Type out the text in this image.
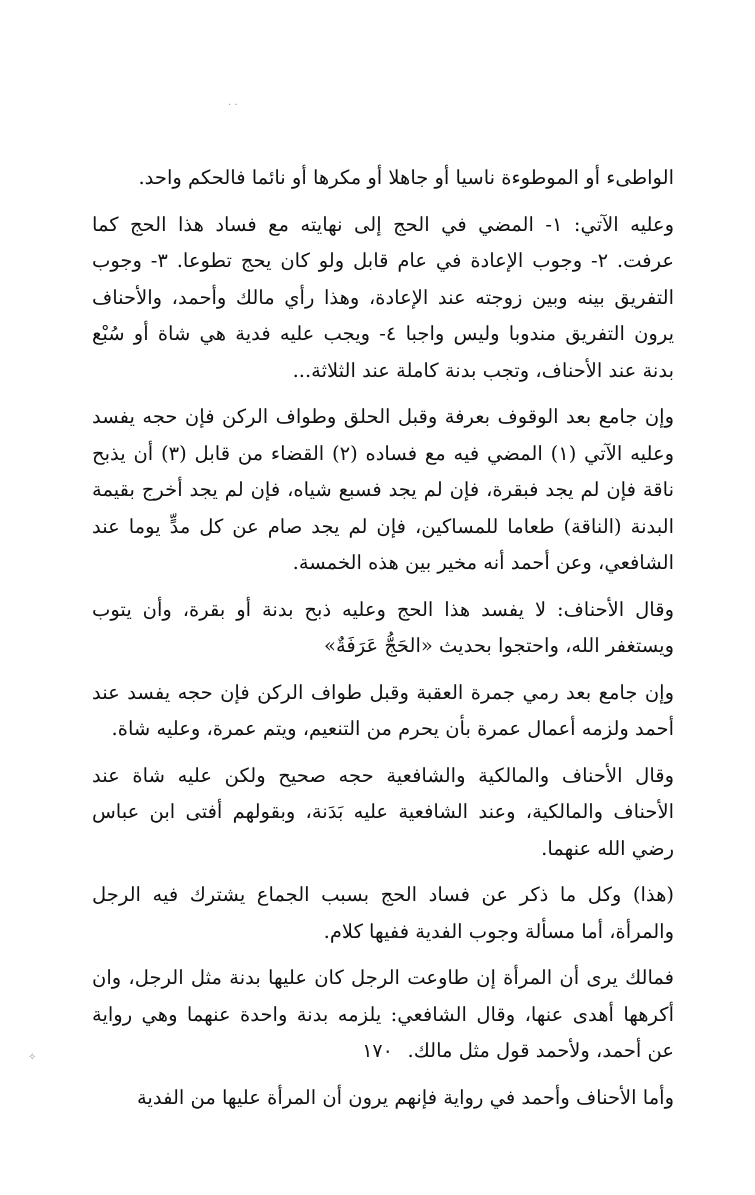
· ·
✧

الواطىء أو الموطوءة ناسيا أو جاهلا أو مكرها أو نائما فالحكم واحد.

وعليه الآتي: ١- المضي في الحج إلى نهايته مع فساد هذا الحج كما عرفت. ٢- وجوب الإعادة في عام قابل ولو كان يحج تطوعا. ٣- وجوب التفريق بينه وبين زوجته عند الإعادة، وهذا رأي مالك وأحمد، والأحناف يرون التفريق مندوبا وليس واجبا ٤- ويجب عليه فدية هي شاة أو سُبْع بدنة عند الأحناف، وتجب بدنة كاملة عند الثلاثة...

وإن جامع بعد الوقوف بعرفة وقبل الحلق وطواف الركن فإن حجه يفسد وعليه الآتي (١) المضي فيه مع فساده (٢) القضاء من قابل (٣) أن يذبح ناقة فإن لم يجد فبقرة، فإن لم يجد فسبع شياه، فإن لم يجد أخرج بقيمة البدنة (الناقة) طعاما للمساكين، فإن لم يجد صام عن كل مدٍّ يوما عند الشافعي، وعن أحمد أنه مخير بين هذه الخمسة.

وقال الأحناف: لا يفسد هذا الحج وعليه ذبح بدنة أو بقرة، وأن يتوب ويستغفر الله، واحتجوا بحديث «الحَجُّ عَرَفَةٌ»

وإن جامع بعد رمي جمرة العقبة وقبل طواف الركن فإن حجه يفسد عند أحمد ولزمه أعمال عمرة بأن يحرم من التنعيم، ويتم عمرة، وعليه شاة.

وقال الأحناف والمالكية والشافعية حجه صحيح ولكن عليه شاة عند الأحناف والمالكية، وعند الشافعية عليه بَدَنة، وبقولهم أفتى ابن عباس رضي الله عنهما.

(هذا) وكل ما ذكر عن فساد الحج بسبب الجماع يشترك فيه الرجل والمرأة، أما مسألة وجوب الفدية ففيها كلام.

فمالك يرى أن المرأة إن طاوعت الرجل كان عليها بدنة مثل الرجل، وان أكرهها أهدى عنها، وقال الشافعي: يلزمه بدنة واحدة عنهما وهي رواية عن أحمد، ولأحمد قول مثل مالك.

وأما الأحناف وأحمد في رواية فإنهم يرون أن المرأة عليها من الفدية

١٧٠
